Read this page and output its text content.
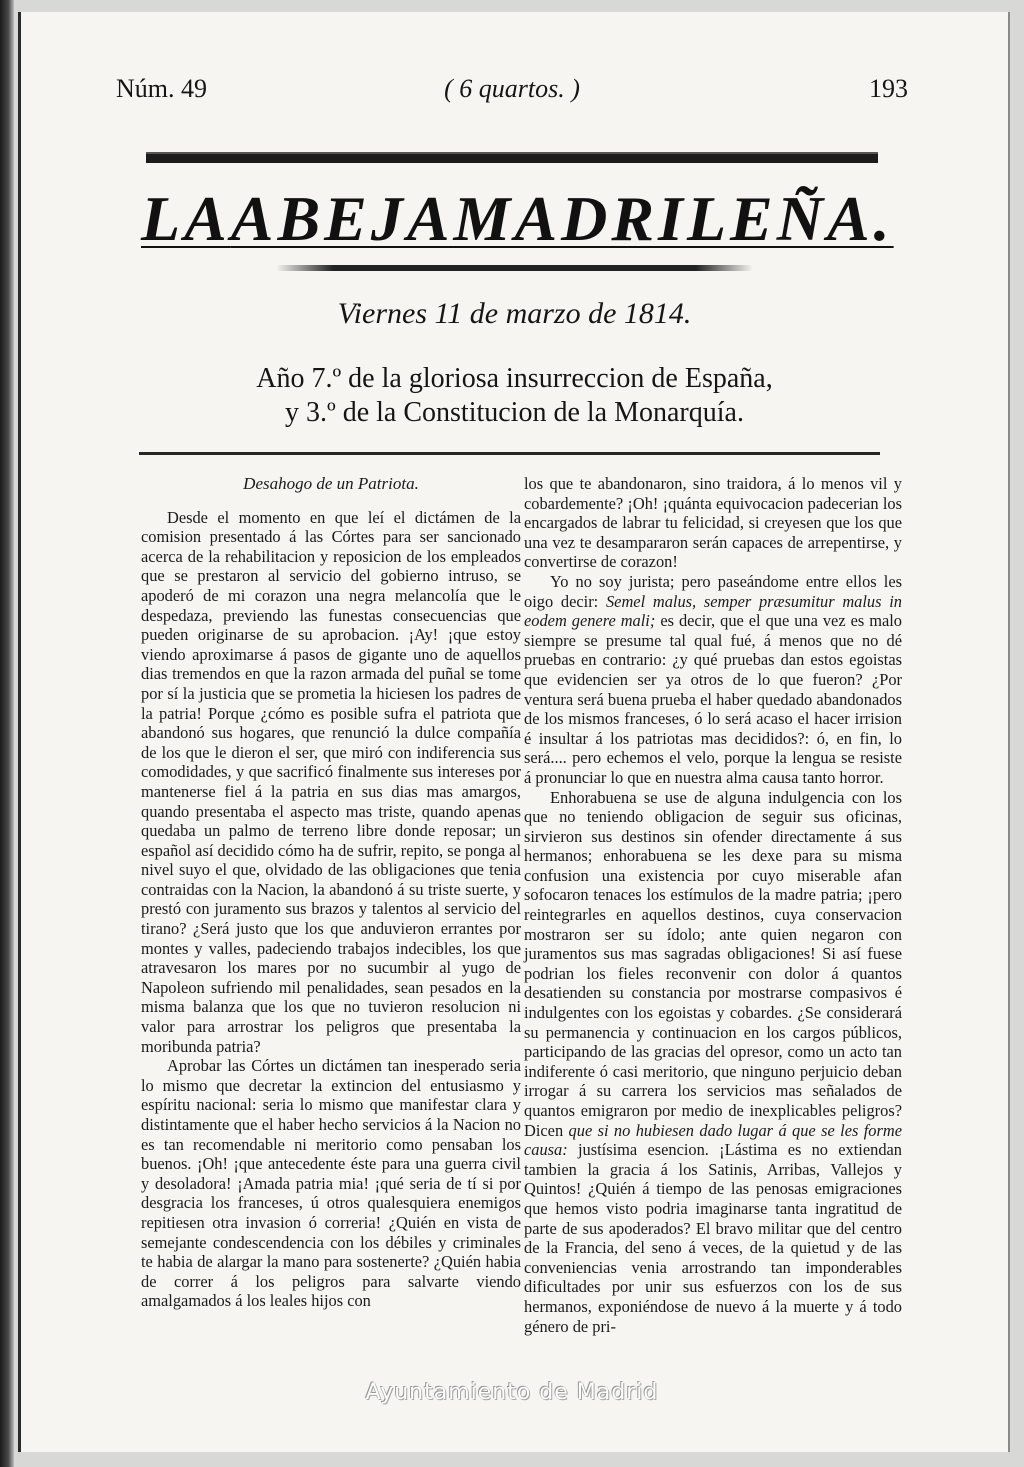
Núm. 49	( 6 quartos. )	193
LA ABEJA MADRILEÑA.
Viernes 11 de marzo de 1814.
Año 7.º de la gloriosa insurreccion de España,
y 3.º de la Constitucion de la Monarquía.

Desahogo de un Patriota.

Desde el momento en que leí el dictámen de la comision presentado á las Córtes para ser sancionado acerca de la rehabilitacion y reposicion de los empleados que se prestaron al servicio del gobierno intruso, se apoderó de mi corazon una negra melancolía que le despedaza, previendo las funestas consecuencias que pueden originarse de su aprobacion. ¡Ay! ¡que estoy viendo aproximarse á pasos de gigante uno de aquellos dias tremendos en que la razon armada del puñal se tome por sí la justicia que se prometia la hiciesen los padres de la patria! Porque ¿cómo es posible sufra el patriota que abandonó sus hogares, que renunció la dulce compañía de los que le dieron el ser, que miró con indiferencia sus comodidades, y que sacrificó finalmente sus intereses por mantenerse fiel á la patria en sus dias mas amargos, quando presentaba el aspecto mas triste, quando apenas quedaba un palmo de terreno libre donde reposar; un español así decidido cómo ha de sufrir, repito, se ponga al nivel suyo el que, olvidado de las obligaciones que tenia contraidas con la Nacion, la abandonó á su triste suerte, y prestó con juramento sus brazos y talentos al servicio del tirano? ¿Será justo que los que anduvieron errantes por montes y valles, padeciendo trabajos indecibles, los que atravesaron los mares por no sucumbir al yugo de Napoleon sufriendo mil penalidades, sean pesados en la misma balanza que los que no tuvieron resolucion ni valor para arrostrar los peligros que presentaba la moribunda patria?

Aprobar las Córtes un dictámen tan inesperado seria lo mismo que decretar la extincion del entusiasmo y espíritu nacional: seria lo mismo que manifestar clara y distintamente que el haber hecho servicios á la Nacion no es tan recomendable ni meritorio como pensaban los buenos. ¡Oh! ¡que antecedente éste para una guerra civil y desoladora! ¡Amada patria mia! ¡qué seria de tí si por desgracia los franceses, ú otros qualesquiera enemigos repitiesen otra invasion ó correria! ¿Quién en vista de semejante condescendencia con los débiles y criminales te habia de alargar la mano para sostenerte? ¿Quién habia de correr á los peligros para salvarte viendo amalgamados á los leales hijos con

los que te abandonaron, sino traidora, á lo menos vil y cobardemente? ¡Oh! ¡quánta equivocacion padecerian los encargados de labrar tu felicidad, si creyesen que los que una vez te desampararon serán capaces de arrepentirse, y convertirse de corazon!

Yo no soy jurista; pero paseándome entre ellos les oigo decir: Semel malus, semper præsumitur malus in eodem genere mali; es decir, que el que una vez es malo siempre se presume tal qual fué, á menos que no dé pruebas en contrario: ¿y qué pruebas dan estos egoistas que evidencien ser ya otros de lo que fueron? ¿Por ventura será buena prueba el haber quedado abandonados de los mismos franceses, ó lo será acaso el hacer irrision é insultar á los patriotas mas decididos?: ó, en fin, lo será.... pero echemos el velo, porque la lengua se resiste á pronunciar lo que en nuestra alma causa tanto horror.

Enhorabuena se use de alguna indulgencia con los que no teniendo obligacion de seguir sus oficinas, sirvieron sus destinos sin ofender directamente á sus hermanos; enhorabuena se les dexe para su misma confusion una existencia por cuyo miserable afan sofocaron tenaces los estímulos de la madre patria; ¡pero reintegrarles en aquellos destinos, cuya conservacion mostraron ser su ídolo; ante quien negaron con juramentos sus mas sagradas obligaciones! Si así fuese podrian los fieles reconvenir con dolor á quantos desatienden su constancia por mostrarse compasivos é indulgentes con los egoistas y cobardes. ¿Se considerará su permanencia y continuacion en los cargos públicos, participando de las gracias del opresor, como un acto tan indiferente ó casi meritorio, que ninguno perjuicio deban irrogar á su carrera los servicios mas señalados de quantos emigraron por medio de inexplicables peligros? Dicen que si no hubiesen dado lugar á que se les forme causa: justísima esencion. ¡Lástima es no extiendan tambien la gracia á los Satinis, Arribas, Vallejos y Quintos! ¿Quién á tiempo de las penosas emigraciones que hemos visto podria imaginarse tanta ingratitud de parte de sus apoderados? El bravo militar que del centro de la Francia, del seno á veces, de la quietud y de las conveniencias venia arrostrando tan imponderables dificultades por unir sus esfuerzos con los de sus hermanos, exponiéndose de nuevo á la muerte y á todo género de pri-

Ayuntamiento de Madrid
